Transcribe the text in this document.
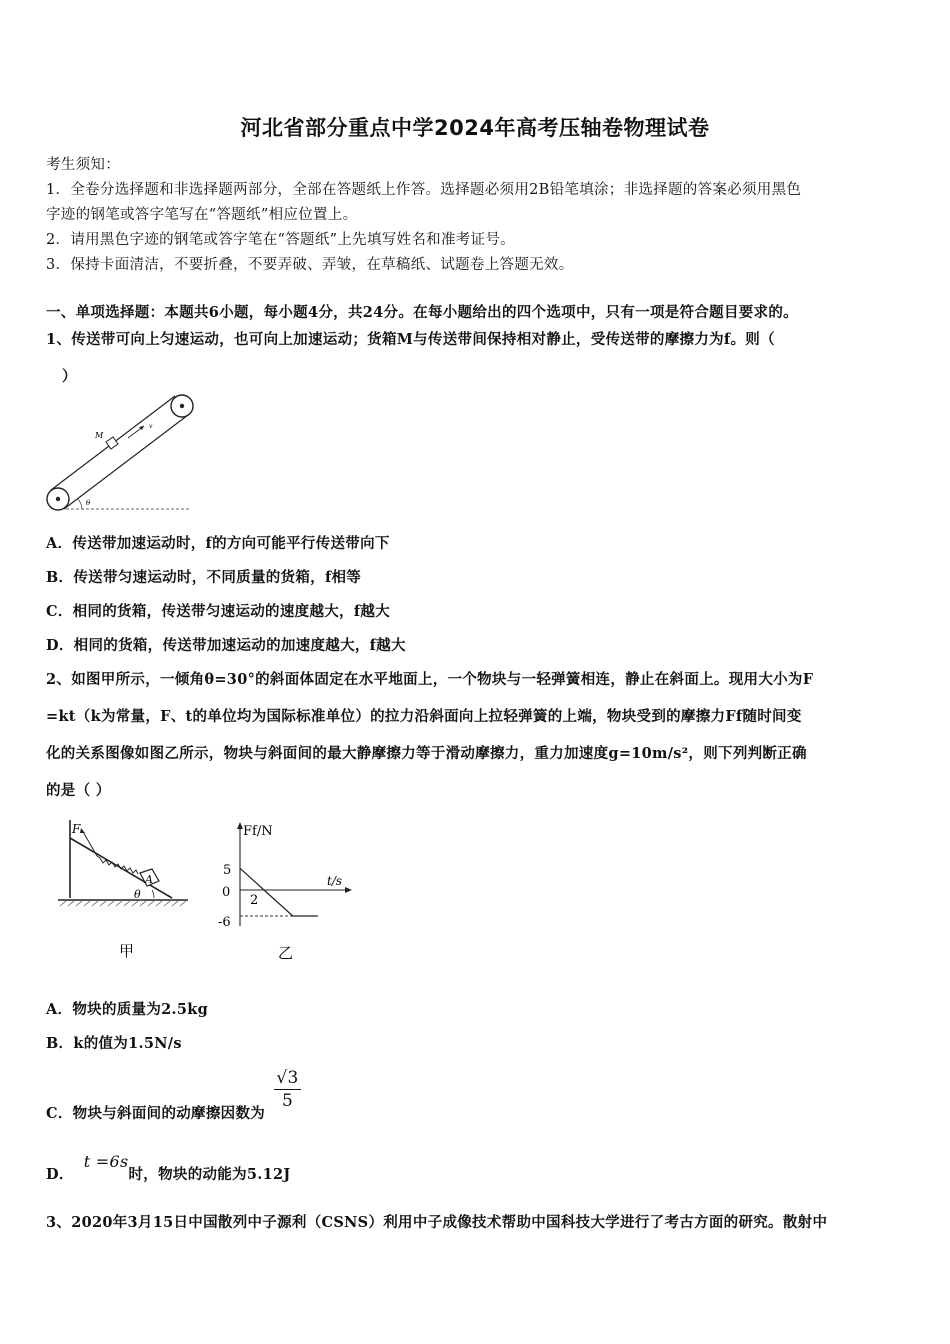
河北省部分重点中学2024年高考压轴卷物理试卷
考生须知：
1．全卷分选择题和非选择题两部分，全部在答题纸上作答。选择题必须用2B铅笔填涂；非选择题的答案必须用黑色
字迹的钢笔或答字笔写在“答题纸”相应位置上。
2．请用黑色字迹的钢笔或答字笔在“答题纸”上先填写姓名和准考证号。
3．保持卡面清洁，不要折叠，不要弄破、弄皱，在草稿纸、试题卷上答题无效。
一、单项选择题：本题共6小题，每小题4分，共24分。在每小题给出的四个选项中，只有一项是符合题目要求的。
1、传送带可向上匀速运动，也可向上加速运动；货箱M与传送带间保持相对静止，受传送带的摩擦力为f。则（
）
M
v
θ
A．传送带加速运动时，f的方向可能平行传送带向下
B．传送带匀速运动时，不同质量的货箱，f相等
C．相同的货箱，传送带匀速运动的速度越大，f越大
D．相同的货箱，传送带加速运动的加速度越大，f越大
2、如图甲所示，一倾角θ=30°的斜面体固定在水平地面上，一个物块与一轻弹簧相连，静止在斜面上。现用大小为F
=kt（k为常量，F、t的单位均为国际标准单位）的拉力沿斜面向上拉轻弹簧的上端，物块受到的摩擦力Ff随时间变
化的关系图像如图乙所示，物块与斜面间的最大静摩擦力等于滑动摩擦力，重力加速度g=10m/s²，则下列判断正确
的是（ ）
A
F
θ
甲
Ff/N
t/s
5
0
-6
2
乙
A．物块的质量为2.5kg
B．k的值为1.5N/s
C．物块与斜面间的动摩擦因数为
$\frac{√3}{5}$
D．t =6s时，物块的动能为5.12J
3、2020年3月15日中国散列中子源利（CSNS）利用中子成像技术帮助中国科技大学进行了考古方面的研究。散射中
